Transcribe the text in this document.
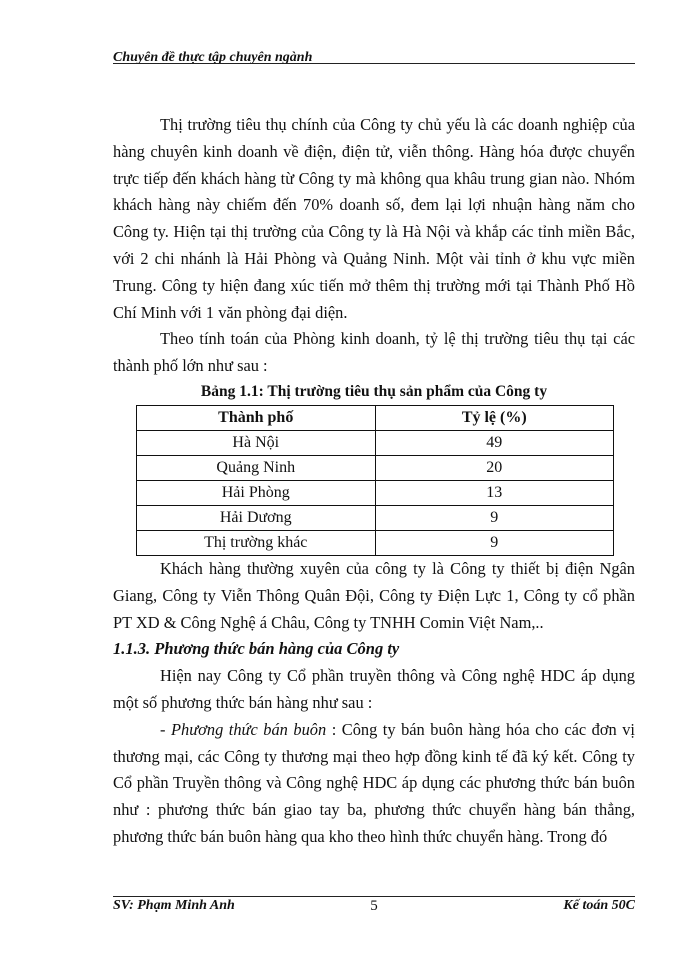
Chuyên đề thực tập chuyên ngành

Thị trường tiêu thụ chính của Công ty chủ yếu là các doanh nghiệp của hàng chuyên kinh doanh về điện, điện tử, viễn thông. Hàng hóa được chuyển trực tiếp đến khách hàng từ Công ty mà không qua khâu trung gian nào. Nhóm khách hàng này chiếm đến 70% doanh số, đem lại lợi nhuận hàng năm cho Công ty. Hiện tại thị trường của Công ty là Hà Nội và khắp các tỉnh miền Bắc, với 2 chi nhánh là Hải Phòng và Quảng Ninh. Một vài tỉnh ở khu vực miền Trung. Công ty hiện đang xúc tiến mở thêm thị trường mới tại Thành Phố Hồ Chí Minh với 1 văn phòng đại diện.

Theo tính toán của Phòng kinh doanh, tỷ lệ thị trường tiêu thụ tại các thành phố lớn như sau :

Bảng 1.1: Thị trường tiêu thụ sản phẩm của Công ty
Thành phố	Tỷ lệ (%)
Hà Nội	49
Quảng Ninh	20
Hải Phòng	13
Hải Dương	9
Thị trường khác	9

Khách hàng thường xuyên của công ty là Công ty thiết bị điện Ngân Giang, Công ty Viễn Thông Quân Đội, Công ty Điện Lực 1, Công ty cổ phần PT XD & Công Nghệ á Châu, Công ty TNHH Comin Việt Nam,..

1.1.3. Phương thức bán hàng của Công ty

Hiện nay Công ty Cổ phần truyền thông và Công nghệ HDC áp dụng một số phương thức bán hàng như sau :

- Phương thức bán buôn : Công ty bán buôn hàng hóa cho các đơn vị thương mại, các Công ty thương mại theo hợp đồng kinh tế đã ký kết. Công ty Cổ phần Truyền thông và Công nghệ HDC áp dụng các phương thức bán buôn như : phương thức bán giao tay ba, phương thức chuyển hàng bán thẳng, phương thức bán buôn hàng qua kho theo hình thức chuyển hàng. Trong đó

SV: Phạm Minh Anh	5	Kế toán 50C
